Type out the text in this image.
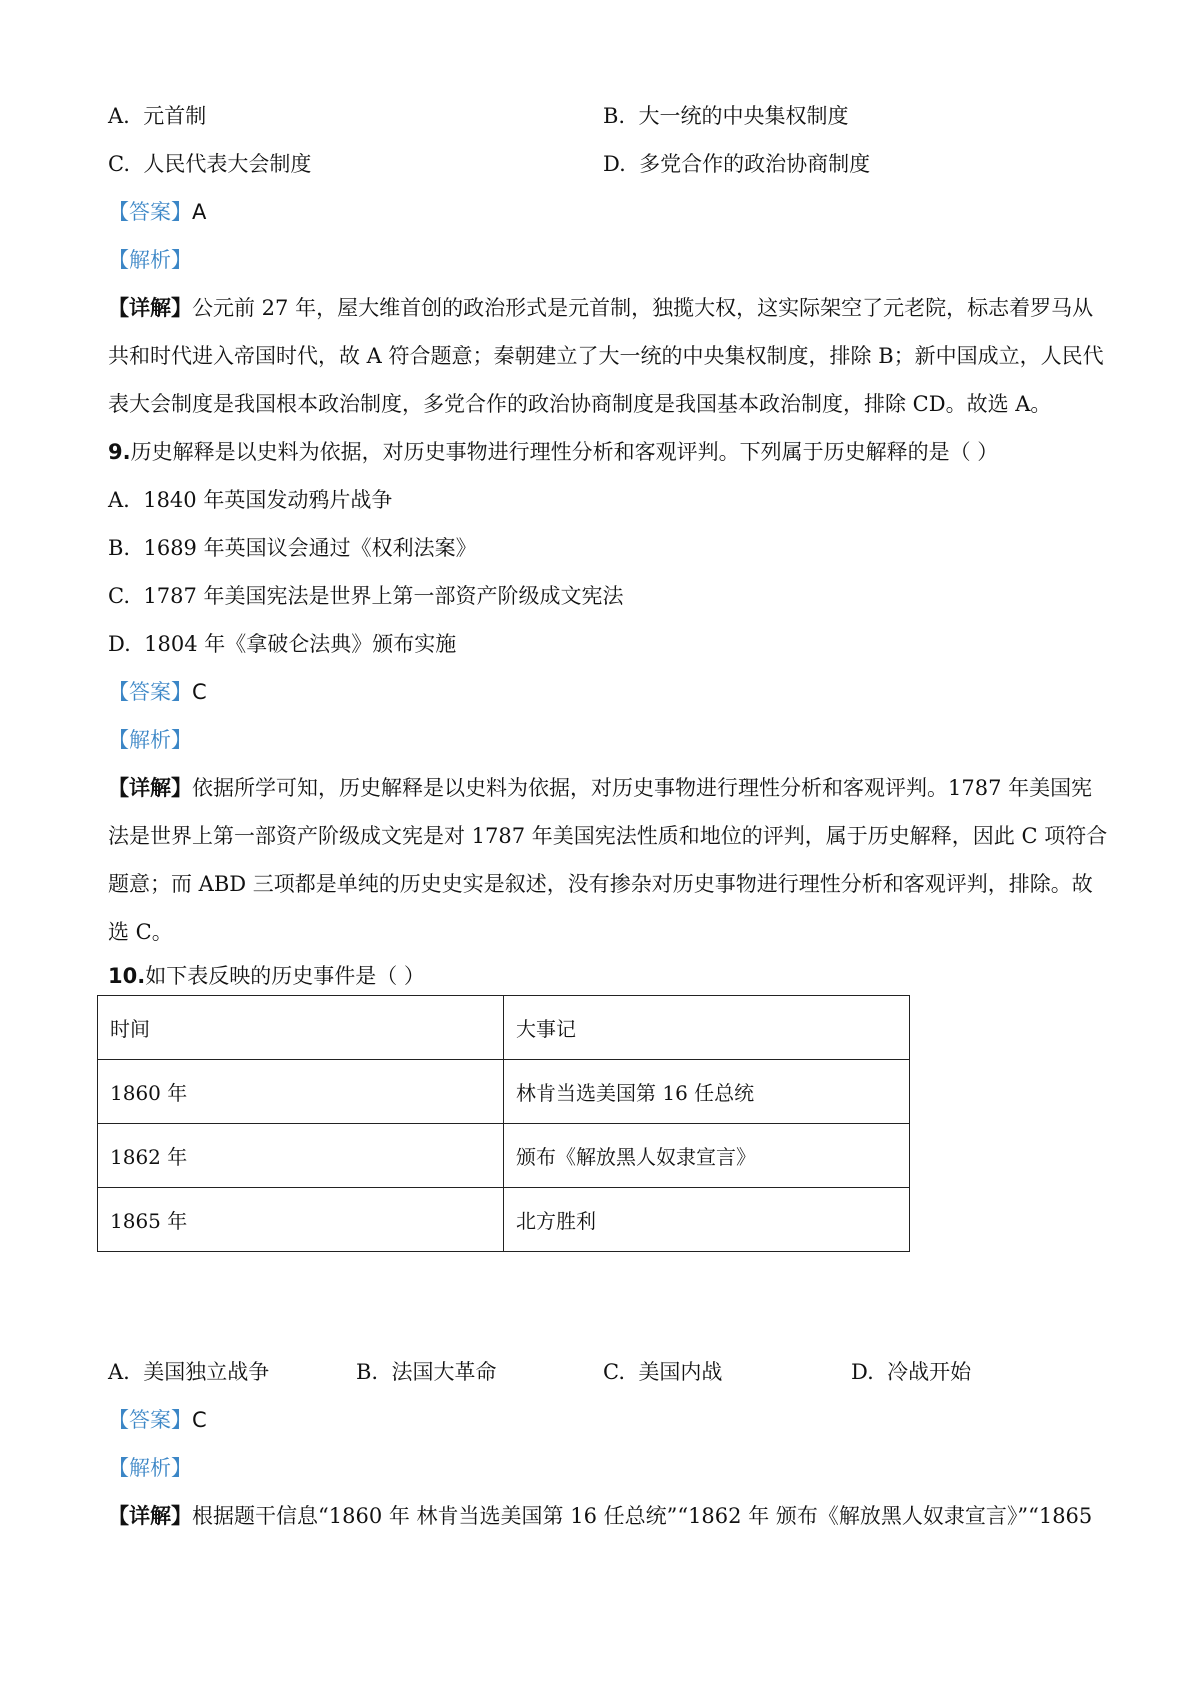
A. 元首制	B. 大一统的中央集权制度
C. 人民代表大会制度	D. 多党合作的政治协商制度
【答案】A
【解析】
【详解】公元前 27 年，屋大维首创的政治形式是元首制，独揽大权，这实际架空了元老院，标志着罗马从
共和时代进入帝国时代，故 A 符合题意；秦朝建立了大一统的中央集权制度，排除 B；新中国成立，人民代
表大会制度是我国根本政治制度，多党合作的政治协商制度是我国基本政治制度，排除 CD。故选 A。
9.历史解释是以史料为依据，对历史事物进行理性分析和客观评判。下列属于历史解释的是（ ）
A. 1840 年英国发动鸦片战争
B. 1689 年英国议会通过《权利法案》
C. 1787 年美国宪法是世界上第一部资产阶级成文宪法
D. 1804 年《拿破仑法典》颁布实施
【答案】C
【解析】
【详解】依据所学可知，历史解释是以史料为依据，对历史事物进行理性分析和客观评判。1787 年美国宪
法是世界上第一部资产阶级成文宪是对 1787 年美国宪法性质和地位的评判，属于历史解释，因此 C 项符合
题意；而 ABD 三项都是单纯的历史史实是叙述，没有掺杂对历史事物进行理性分析和客观评判，排除。故
选 C。
10.如下表反映的历史事件是（ ）
时间	大事记
1860 年	林肯当选美国第 16 任总统
1862 年	颁布《解放黑人奴隶宣言》
1865 年	北方胜利
A. 美国独立战争	B. 法国大革命	C. 美国内战	D. 冷战开始
【答案】C
【解析】
【详解】根据题干信息“1860 年 林肯当选美国第 16 任总统”“1862 年 颁布《解放黑人奴隶宣言》”“1865
